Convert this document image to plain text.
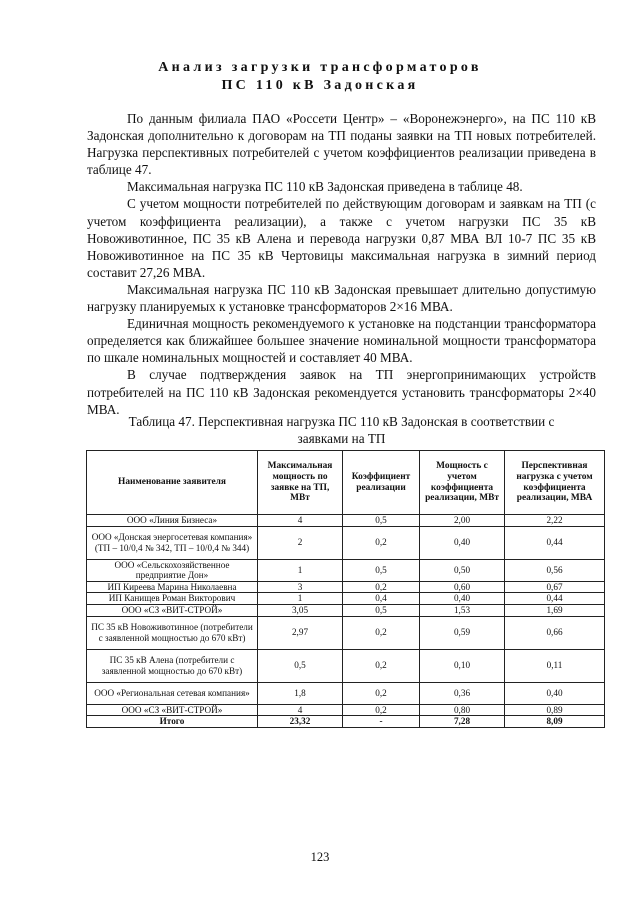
Анализ загрузки трансформаторов
ПС 110 кВ Задонская

По данным филиала ПАО «Россети Центр» – «Воронежэнерго», на ПС 110 кВ Задонская дополнительно к договорам на ТП поданы заявки на ТП новых потребителей. Нагрузка перспективных потребителей с учетом коэффициентов реализации приведена в таблице 47.

Максимальная нагрузка ПС 110 кВ Задонская приведена в таблице 48.

С учетом мощности потребителей по действующим договорам и заявкам на ТП (с учетом коэффициента реализации), а также с учетом нагрузки ПС 35 кВ Новоживотинное, ПС 35 кВ Алена и перевода нагрузки 0,87 МВА ВЛ 10-7 ПС 35 кВ Новоживотинное на ПС 35 кВ Чертовицы максимальная нагрузка в зимний период составит 27,26 МВА.

Максимальная нагрузка ПС 110 кВ Задонская превышает длительно допустимую нагрузку планируемых к установке трансформаторов 2×16 МВА.

Единичная мощность рекомендуемого к установке на подстанции трансформатора определяется как ближайшее большее значение номинальной мощности трансформатора по шкале номинальных мощностей и составляет 40 МВА.

В случае подтверждения заявок на ТП энергопринимающих устройств потребителей на ПС 110 кВ Задонская рекомендуется установить трансформаторы 2×40 МВА.

Таблица 47. Перспективная нагрузка ПС 110 кВ Задонская в соответствии с
заявками на ТП
Наименование заявителя	Максимальная мощность по заявке на ТП, МВт	Коэффициент реализации	Мощность с учетом коэффициента реализации, МВт	Перспективная нагрузка с учетом коэффициента реализации, МВА
ООО «Линия Бизнеса»	4	0,5	2,00	2,22
ООО «Донская энергосетевая компания» (ТП – 10/0,4 № 342, ТП – 10/0,4 № 344)	2	0,2	0,40	0,44
ООО «Сельскохозяйственное предприятие Дон»	1	0,5	0,50	0,56
ИП Киреева Марина Николаевна	3	0,2	0,60	0,67
ИП Канищев Роман Викторович	1	0,4	0,40	0,44
ООО «СЗ «ВИТ-СТРОЙ»	3,05	0,5	1,53	1,69
ПС 35 кВ Новоживотинное (потребители с заявленной мощностью до 670 кВт)	2,97	0,2	0,59	0,66
ПС 35 кВ Алена (потребители с заявленной мощностью до 670 кВт)	0,5	0,2	0,10	0,11
ООО «Региональная сетевая компания»	1,8	0,2	0,36	0,40
ООО «СЗ «ВИТ-СТРОЙ»	4	0,2	0,80	0,89
Итого	23,32	-	7,28	8,09
123
